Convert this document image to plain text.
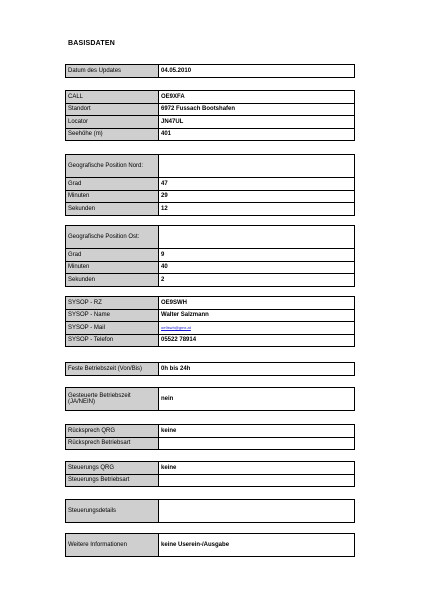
BASISDATEN
Datum des Updates	04.05.2010
CALL	OE9XFA
Standort	6972 Fussach Bootshafen
Locator	JN47UL
Seehöhe (m)	401
Geografische Position Nord:	
Grad	47
Minuten	29
Sekunden	12
Geografische Position Ost:	
Grad	9
Minuten	40
Sekunden	2
SYSOP - RZ	OE9SWH
SYSOP - Name	Walter Salzmann
SYSOP - Mail	oe9swh@gmx.at
SYSOP - Telefon	05522 78914
Feste Betriebszeit (Von/Bis)	0h bis 24h
Gesteuerte Betriebszeit (JA/NEIN)	nein
Rücksprech QRG	keine
Rücksprech Betriebsart	
Steuerungs QRG	keine
Steuerungs Betriebsart	
Steuerungsdetails	
Weitere Informationen	keine Userein-/Ausgabe
